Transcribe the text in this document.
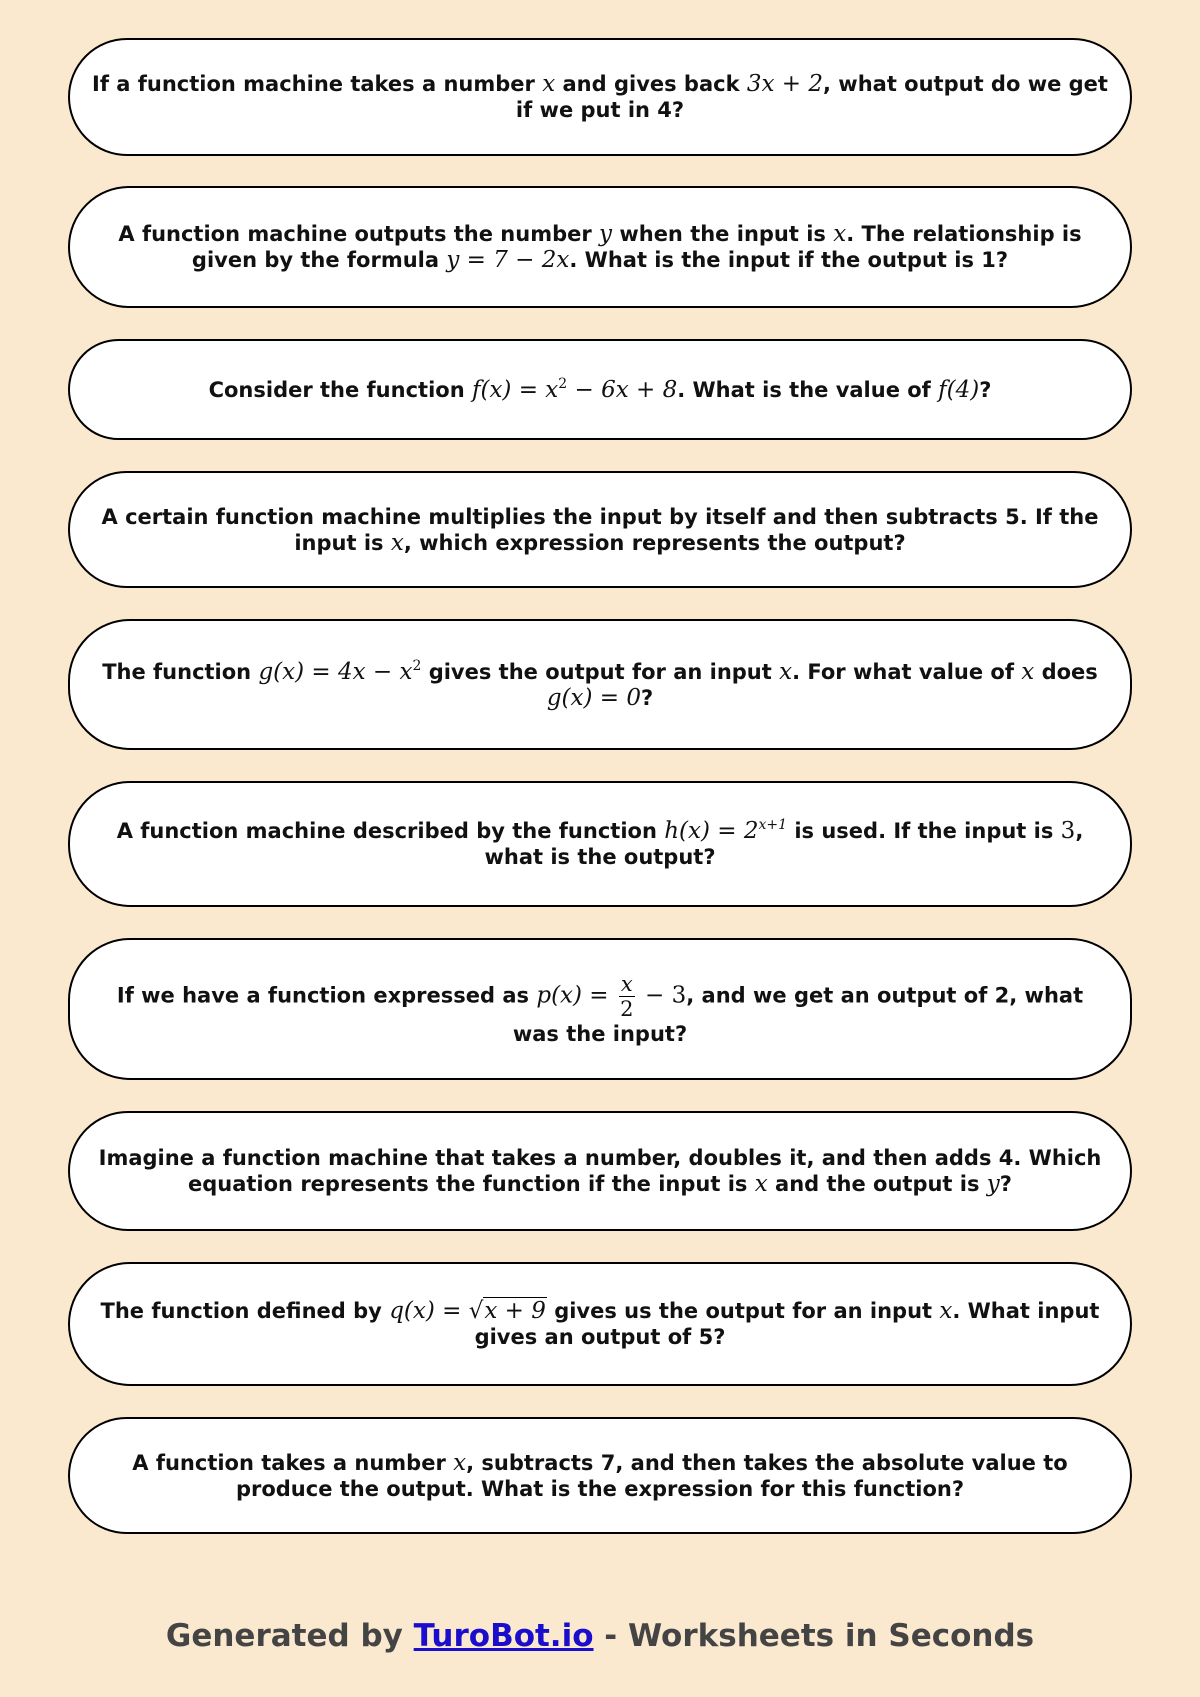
If a function machine takes a number x and gives back 3x + 2, what output do we get if we put in 4?
A function machine outputs the number y when the input is x. The relationship is given by the formula y = 7 − 2x. What is the input if the output is 1?
Consider the function $f(x) = x^2 - 6x + 8$. What is the value of f(4)?
A certain function machine multiplies the input by itself and then subtracts 5. If the input is x, which expression represents the output?
The function $g(x) = 4x - x^2$ gives the output for an input x. For what value of x does g(x) = 0?
A function machine described by the function $h(x) = 2^{x+1}$ is used. If the input is 3, what is the output?
If we have a function expressed as $p(x) = \frac{x}{2} - 3$, and we get an output of 2, what was the input?
Imagine a function machine that takes a number, doubles it, and then adds 4. Which equation represents the function if the input is x and the output is y?
The function defined by q(x) = √x + 9 gives us the output for an input x. What input gives an output of 5?
A function takes a number x, subtracts 7, and then takes the absolute value to produce the output. What is the expression for this function?
Generated by TuroBot.io - Worksheets in Seconds
